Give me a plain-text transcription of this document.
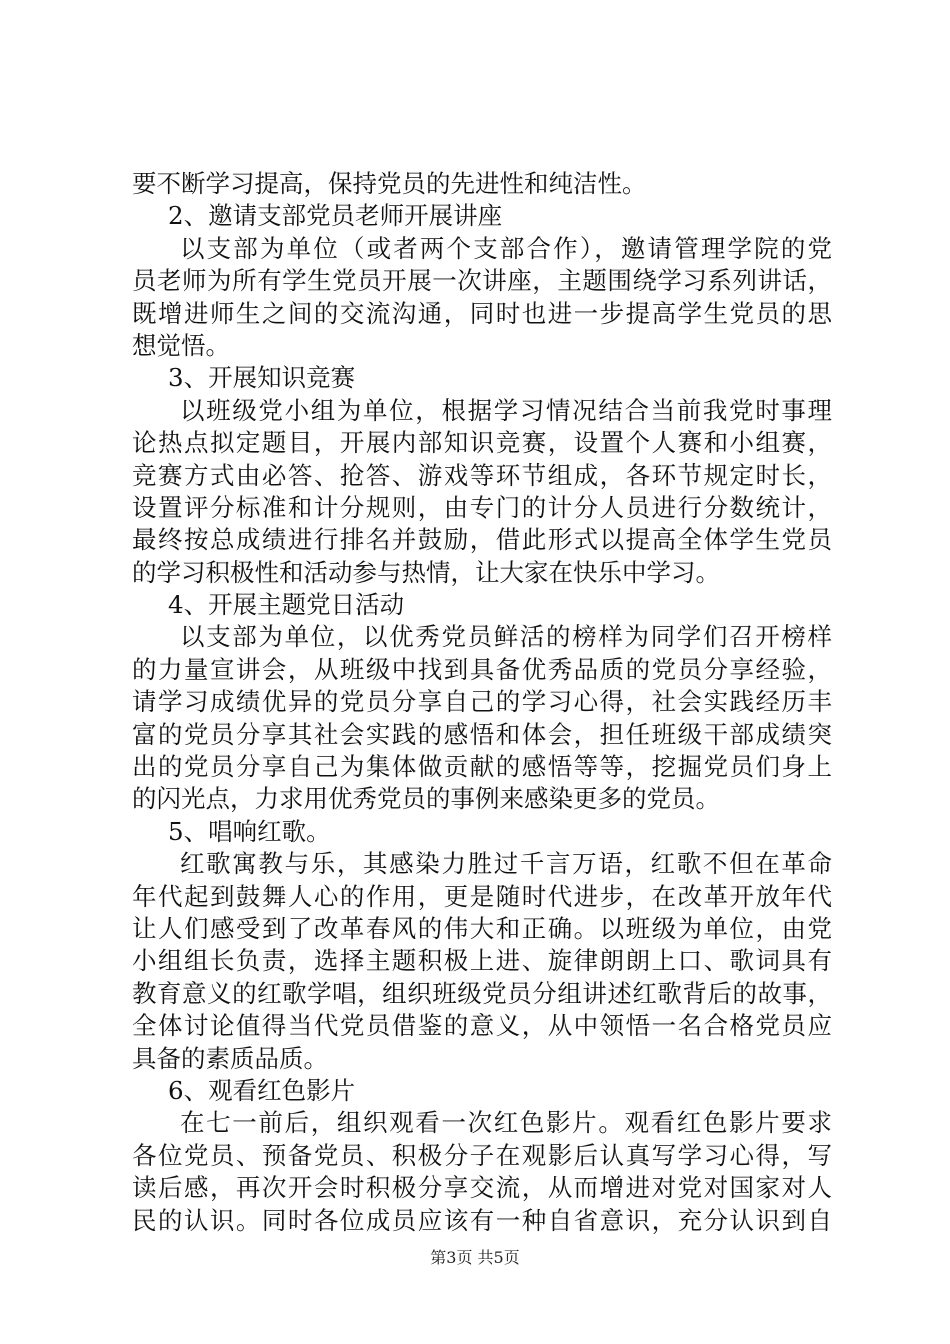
要不断学习提高，保持党员的先进性和纯洁性。
2、邀请支部党员老师开展讲座
以支部为单位（或者两个支部合作），邀请管理学院的党
员老师为所有学生党员开展一次讲座，主题围绕学习系列讲话，
既增进师生之间的交流沟通，同时也进一步提高学生党员的思
想觉悟。
3、开展知识竞赛
以班级党小组为单位，根据学习情况结合当前我党时事理
论热点拟定题目，开展内部知识竞赛，设置个人赛和小组赛，
竞赛方式由必答、抢答、游戏等环节组成，各环节规定时长，
设置评分标准和计分规则，由专门的计分人员进行分数统计，
最终按总成绩进行排名并鼓励，借此形式以提高全体学生党员
的学习积极性和活动参与热情，让大家在快乐中学习。
4、开展主题党日活动
以支部为单位，以优秀党员鲜活的榜样为同学们召开榜样
的力量宣讲会，从班级中找到具备优秀品质的党员分享经验，
请学习成绩优异的党员分享自己的学习心得，社会实践经历丰
富的党员分享其社会实践的感悟和体会，担任班级干部成绩突
出的党员分享自己为集体做贡献的感悟等等，挖掘党员们身上
的闪光点，力求用优秀党员的事例来感染更多的党员。
5、唱响红歌。
红歌寓教与乐，其感染力胜过千言万语，红歌不但在革命
年代起到鼓舞人心的作用，更是随时代进步，在改革开放年代
让人们感受到了改革春风的伟大和正确。以班级为单位，由党
小组组长负责，选择主题积极上进、旋律朗朗上口、歌词具有
教育意义的红歌学唱，组织班级党员分组讲述红歌背后的故事，
全体讨论值得当代党员借鉴的意义，从中领悟一名合格党员应
具备的素质品质。
6、观看红色影片
在七一前后，组织观看一次红色影片。观看红色影片要求
各位党员、预备党员、积极分子在观影后认真写学习心得，写
读后感，再次开会时积极分享交流，从而增进对党对国家对人
民的认识。同时各位成员应该有一种自省意识，充分认识到自
第3页 共5页
